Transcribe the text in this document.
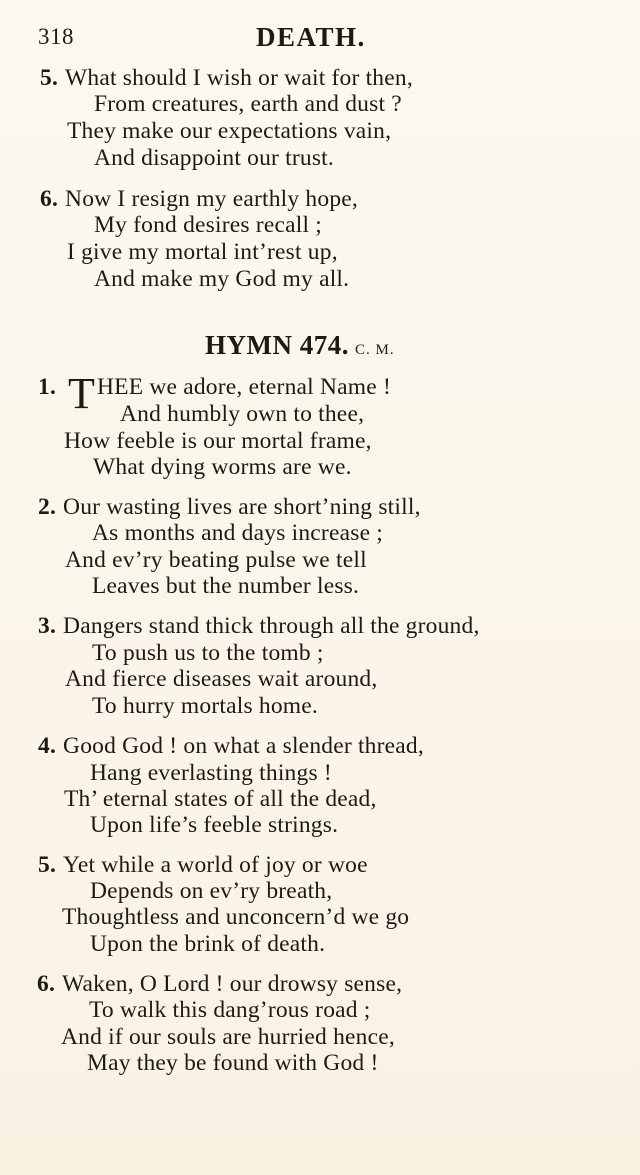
318	DEATH.
5. What should I wish or wait for then,
From creatures, earth and dust ?
They make our expectations vain,
And disappoint our trust.
6. Now I resign my earthly hope,
My fond desires recall ;
I give my mortal int’rest up,
And make my God my all.
HYMN 474. C. M.
1. T HEE we adore, eternal Name !
And humbly own to thee,
How feeble is our mortal frame,
What dying worms are we.
2. Our wasting lives are short’ning still,
As months and days increase ;
And ev’ry beating pulse we tell
Leaves but the number less.
3. Dangers stand thick through all the ground,
To push us to the tomb ;
And fierce diseases wait around,
To hurry mortals home.
4. Good God ! on what a slender thread,
Hang everlasting things !
Th’ eternal states of all the dead,
Upon life’s feeble strings.
5. Yet while a world of joy or woe
Depends on ev’ry breath,
Thoughtless and unconcern’d we go
Upon the brink of death.
6. Waken, O Lord ! our drowsy sense,
To walk this dang’rous road ;
And if our souls are hurried hence,
May they be found with God !
